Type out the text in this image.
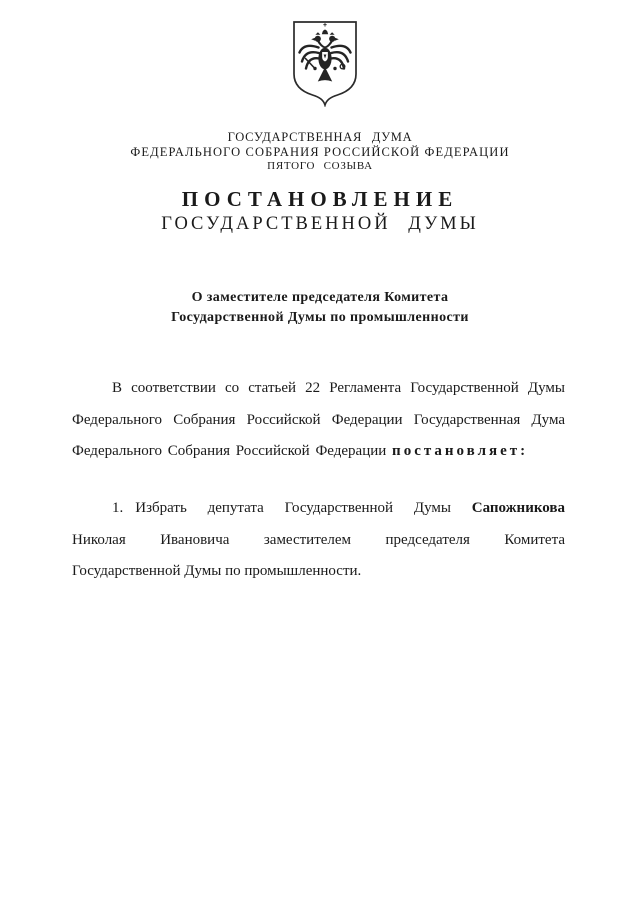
ГОСУДАРСТВЕННАЯ ДУМА
ФЕДЕРАЛЬНОГО СОБРАНИЯ РОССИЙСКОЙ ФЕДЕРАЦИИ
ПЯТОГО СОЗЫВА
ПОСТАНОВЛЕНИЕ
ГОСУДАРСТВЕННОЙ ДУМЫ
О заместителе председателя Комитета
Государственной Думы по промышленности
В соответствии со статьей 22 Регламента Государственной Думы
Федерального Собрания Российской Федерации Государственная Дума
Федерального Собрания Российской Федерации постановляет:
1. Избрать депутата Государственной Думы Сапожникова
Николая Ивановича заместителем председателя Комитета
Государственной Думы по промышленности.
